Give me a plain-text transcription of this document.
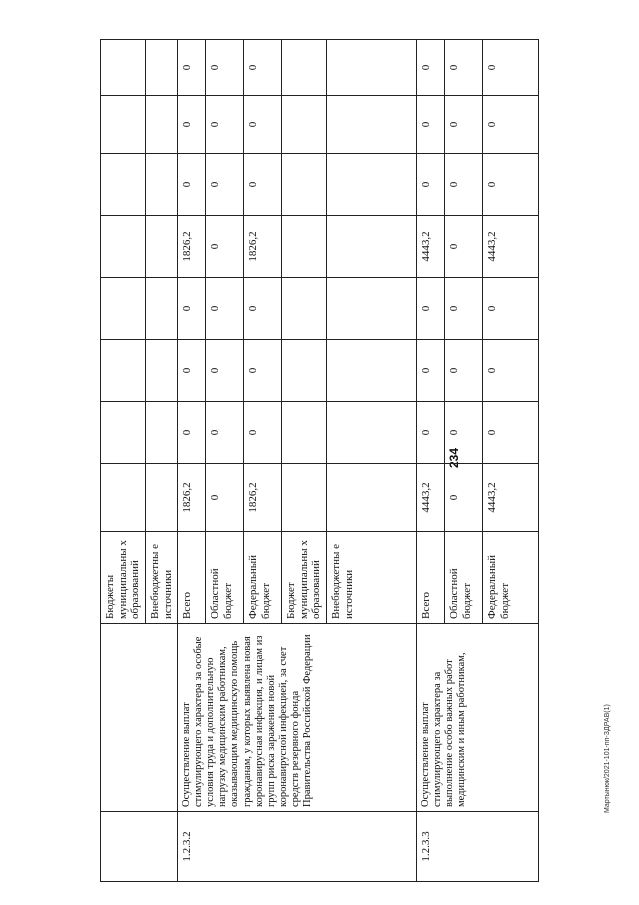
234
		Бюджеты муниципальны х образований								
		Внебюджетны е источники								
1.2.3.2	Осуществление выплат стимулирующего характера за особые условия труда и дополнительную нагрузку медицинским работникам, оказывающим медицинскую помощь гражданам, у которых выявлена новая коронавирусная инфекция, и лицам из групп риска заражения новой коронавирусной инфекцией, за счет средств резервного фонда Правительства Российской Федерации	Всего	1826,2	0	0	0	1826,2	0	0	0
		Областной бюджет	0	0	0	0	0	0	0	0
		Федеральный бюджет	1826,2	0	0	0	1826,2	0	0	0
		Бюджет муниципальны х образований								
		Внебюджетны е источники								
1.2.3.3	Осуществление выплат стимулирующего характера за выполнение особо важных работ медицинским и иным работникам,	Всего	4443,2	0	0	0	4443,2	0	0	0
		Областной бюджет	0	0	0	0	0	0	0	0
		Федеральный бюджет	4443,2	0	0	0	4443,2	0	0	0
Мартынюк/2021-101-пп-ЗДРАВ(1)
